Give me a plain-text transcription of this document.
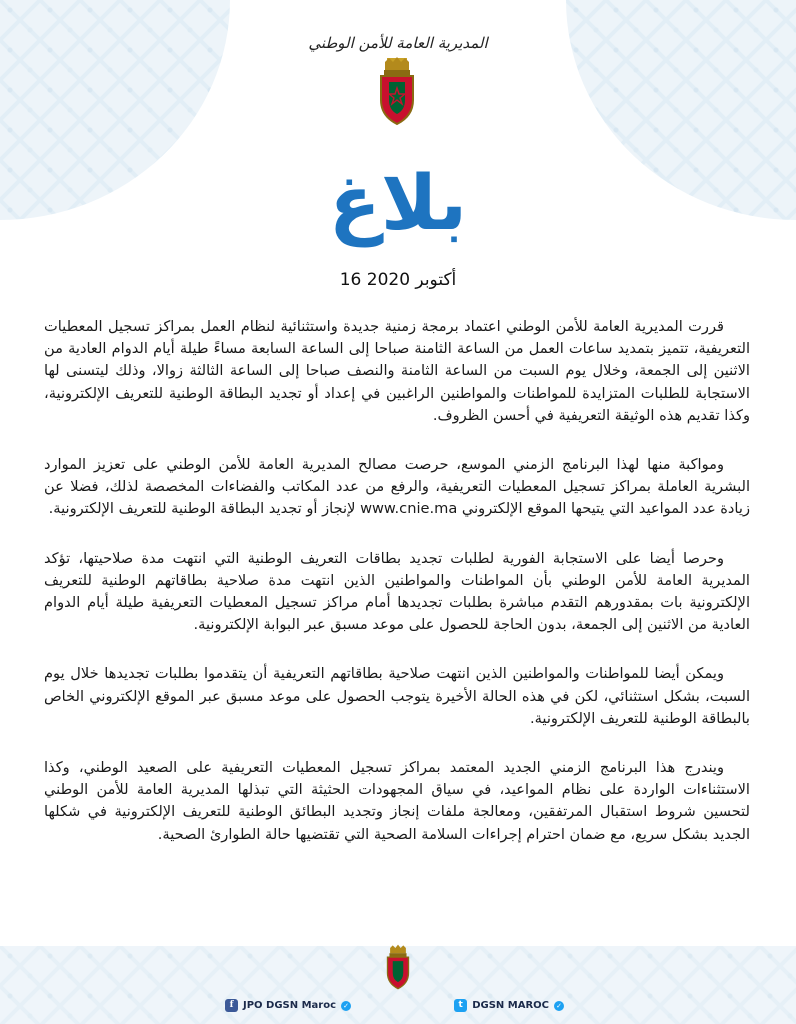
المديرية العامة للأمن الوطني
بلاغ
16 أكتوبر 2020

قررت المديرية العامة للأمن الوطني اعتماد برمجة زمنية جديدة واستثنائية لنظام العمل بمراكز تسجيل المعطيات التعريفية، تتميز بتمديد ساعات العمل من الساعة الثامنة صباحا إلى الساعة السابعة مساءً طيلة أيام الدوام العادية من الاثنين إلى الجمعة، وخلال يوم السبت من الساعة الثامنة والنصف صباحا إلى الساعة الثالثة زوالا، وذلك ليتسنى لها الاستجابة للطلبات المتزايدة للمواطنات والمواطنين الراغبين في إعداد أو تجديد البطاقة الوطنية للتعريف الإلكترونية، وكذا تقديم هذه الوثيقة التعريفية في أحسن الظروف.

ومواكبة منها لهذا البرنامج الزمني الموسع، حرصت مصالح المديرية العامة للأمن الوطني على تعزيز الموارد البشرية العاملة بمراكز تسجيل المعطيات التعريفية، والرفع من عدد المكاتب والفضاءات المخصصة لذلك، فضلا عن زيادة عدد المواعيد التي يتيحها الموقع الإلكتروني www.cnie.ma لإنجاز أو تجديد البطاقة الوطنية للتعريف الإلكترونية.

وحرصا أيضا على الاستجابة الفورية لطلبات تجديد بطاقات التعريف الوطنية التي انتهت مدة صلاحيتها، تؤكد المديرية العامة للأمن الوطني بأن المواطنات والمواطنين الذين انتهت مدة صلاحية بطاقاتهم الوطنية للتعريف الإلكترونية بات بمقدورهم التقدم مباشرة بطلبات تجديدها أمام مراكز تسجيل المعطيات التعريفية طيلة أيام الدوام العادية من الاثنين إلى الجمعة، بدون الحاجة للحصول على موعد مسبق عبر البوابة الإلكترونية.

ويمكن أيضا للمواطنات والمواطنين الذين انتهت صلاحية بطاقاتهم التعريفية أن يتقدموا بطلبات تجديدها خلال يوم السبت، بشكل استثنائي، لكن في هذه الحالة الأخيرة يتوجب الحصول على موعد مسبق عبر الموقع الإلكتروني الخاص بالبطاقة الوطنية للتعريف الإلكترونية.

ويندرج هذا البرنامج الزمني الجديد المعتمد بمراكز تسجيل المعطيات التعريفية على الصعيد الوطني، وكذا الاستثناءات الواردة على نظام المواعيد، في سياق المجهودات الحثيثة التي تبذلها المديرية العامة للأمن الوطني لتحسين شروط استقبال المرتفقين، ومعالجة ملفات إنجاز وتجديد البطائق الوطنية للتعريف الإلكترونية في شكلها الجديد بشكل سريع، مع ضمان احترام إجراءات السلامة الصحية التي تقتضيها حالة الطوارئ الصحية.

f JPO DGSN Maroc ✓	t DGSN MAROC ✓
